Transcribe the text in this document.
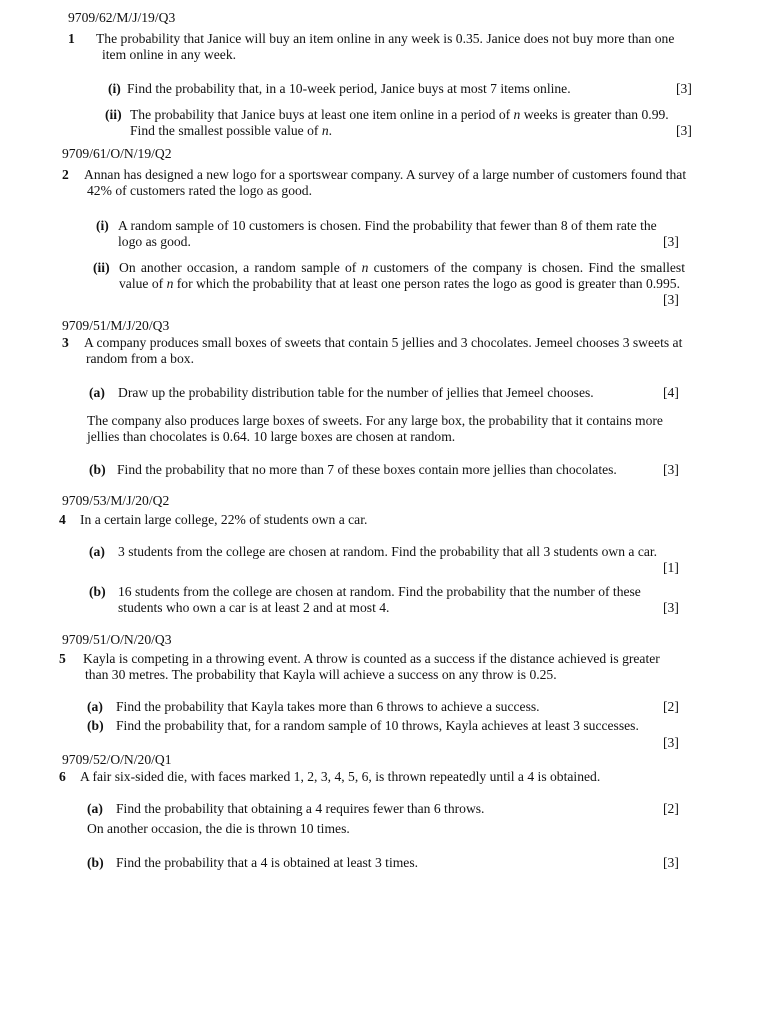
9709/62/M/J/19/Q3
1 The probability that Janice will buy an item online in any week is 0.35. Janice does not buy more than one item online in any week.
(i) Find the probability that, in a 10-week period, Janice buys at most 7 items online.	[3]
(ii) The probability that Janice buys at least one item online in a period of n weeks is greater than 0.99.
Find the smallest possible value of n.	[3]
9709/61/O/N/19/Q2
2 Annan has designed a new logo for a sportswear company. A survey of a large number of customers found that 42% of customers rated the logo as good.
(i) A random sample of 10 customers is chosen. Find the probability that fewer than 8 of them rate the logo as good.	[3]
(ii) On another occasion, a random sample of n customers of the company is chosen. Find the smallest value of n for which the probability that at least one person rates the logo as good is greater than 0.995.
[3]
9709/51/M/J/20/Q3
3 A company produces small boxes of sweets that contain 5 jellies and 3 chocolates. Jemeel chooses 3 sweets at random from a box.
(a) Draw up the probability distribution table for the number of jellies that Jemeel chooses.	[4]
The company also produces large boxes of sweets. For any large box, the probability that it contains more jellies than chocolates is 0.64. 10 large boxes are chosen at random.
(b) Find the probability that no more than 7 of these boxes contain more jellies than chocolates.	[3]
9709/53/M/J/20/Q2
4 In a certain large college, 22% of students own a car.
(a) 3 students from the college are chosen at random. Find the probability that all 3 students own a car.
[1]
(b) 16 students from the college are chosen at random. Find the probability that the number of these students who own a car is at least 2 and at most 4.	[3]
9709/51/O/N/20/Q3
5 Kayla is competing in a throwing event. A throw is counted as a success if the distance achieved is greater than 30 metres. The probability that Kayla will achieve a success on any throw is 0.25.
(a) Find the probability that Kayla takes more than 6 throws to achieve a success.	[2]
(b) Find the probability that, for a random sample of 10 throws, Kayla achieves at least 3 successes.
[3]
9709/52/O/N/20/Q1
6 A fair six-sided die, with faces marked 1, 2, 3, 4, 5, 6, is thrown repeatedly until a 4 is obtained.
(a) Find the probability that obtaining a 4 requires fewer than 6 throws.	[2]
On another occasion, the die is thrown 10 times.
(b) Find the probability that a 4 is obtained at least 3 times.	[3]
